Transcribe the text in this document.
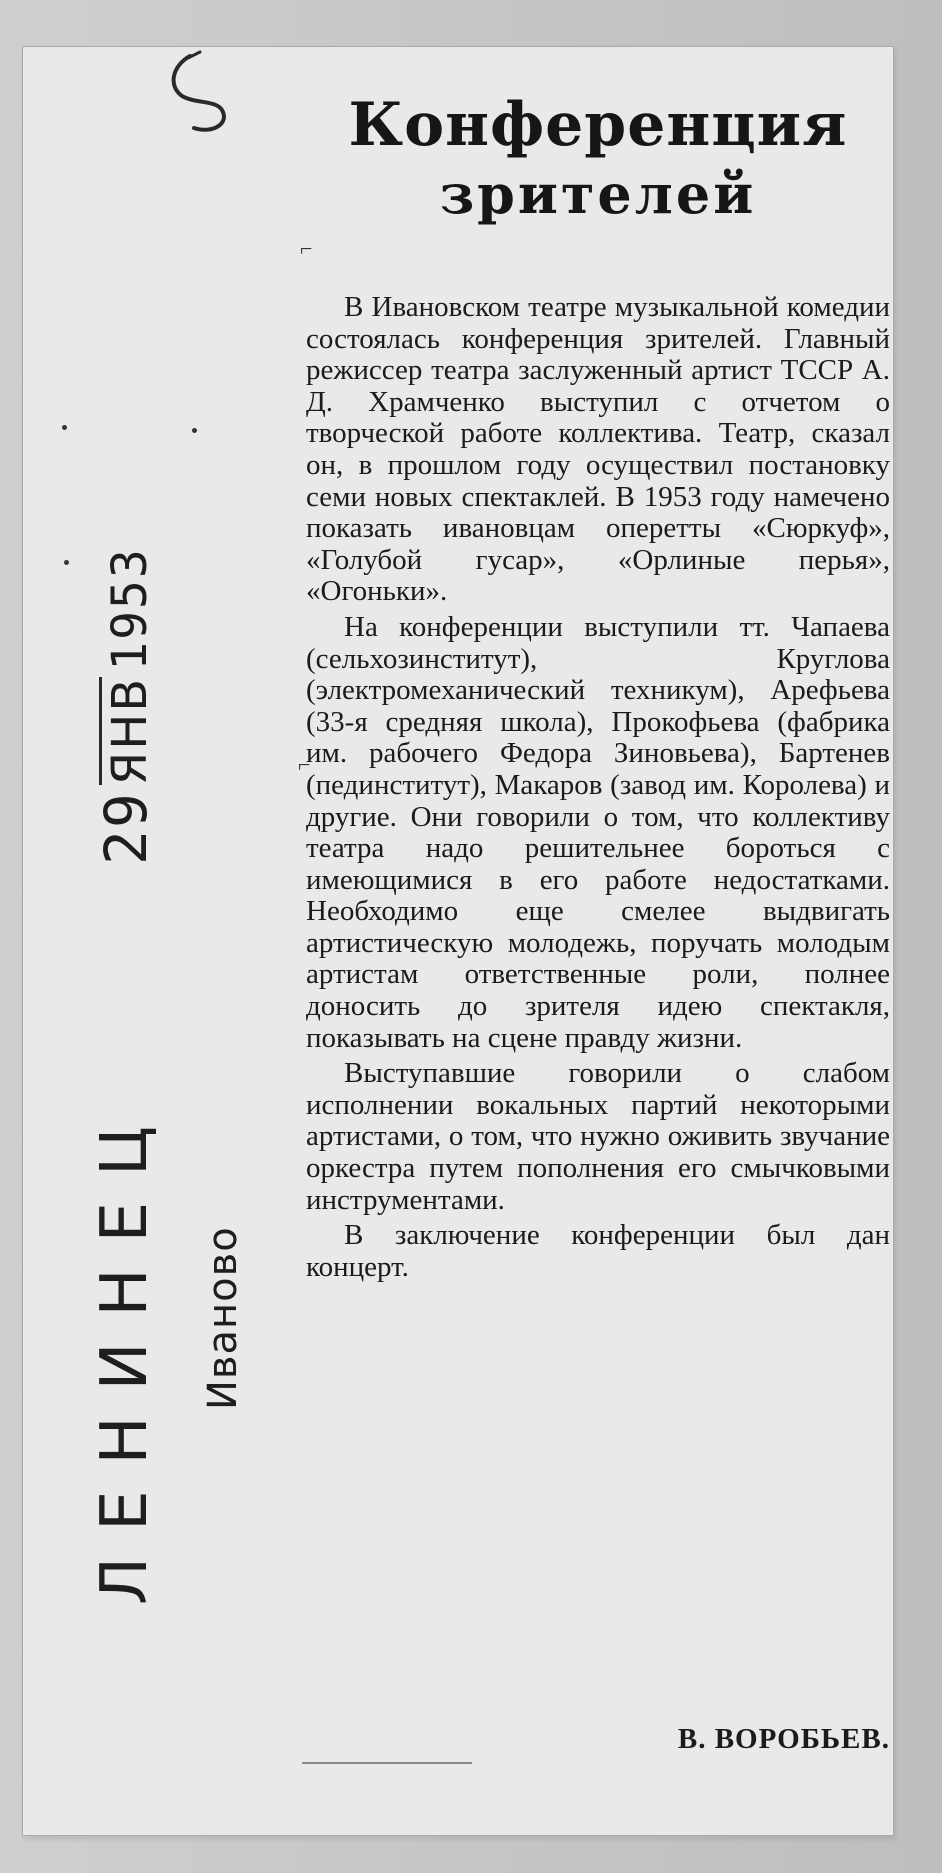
ЛЕНИНЕЦ Иваново
29ЯНВ1953
Конференция
зрителей

В Ивановском театре музыкальной комедии состоялась конференция зрителей. Главный режиссер театра заслуженный артист ТССР А. Д. Храмченко выступил с отчетом о творческой работе коллектива. Театр, сказал он, в прошлом году осуществил постановку семи новых спектаклей. В 1953 году намечено показать ивановцам оперетты «Сюркуф», «Голубой гусар», «Орлиные перья», «Огоньки».

На конференции выступили тт. Чапаева (сельхозинститут), Круглова (электромеханический техникум), Арефьева (33-я средняя школа), Прокофьева (фабрика им. рабочего Федора Зиновьева), Бартенев (пединститут), Макаров (завод им. Королева) и другие. Они говорили о том, что коллективу театра надо решительнее бороться с имеющимися в его работе недостатками. Необходимо еще смелее выдвигать артистическую молодежь, поручать молодым артистам ответственные роли, полнее доносить до зрителя идею спектакля, показывать на сцене правду жизни.

Выступавшие говорили о слабом исполнении вокальных партий некоторыми артистами, о том, что нужно оживить звучание оркестра путем пополнения его смычковыми инструментами.

В заключение конференции был дан концерт.

В. ВОРОБЬЕВ.
⌐
⌐
